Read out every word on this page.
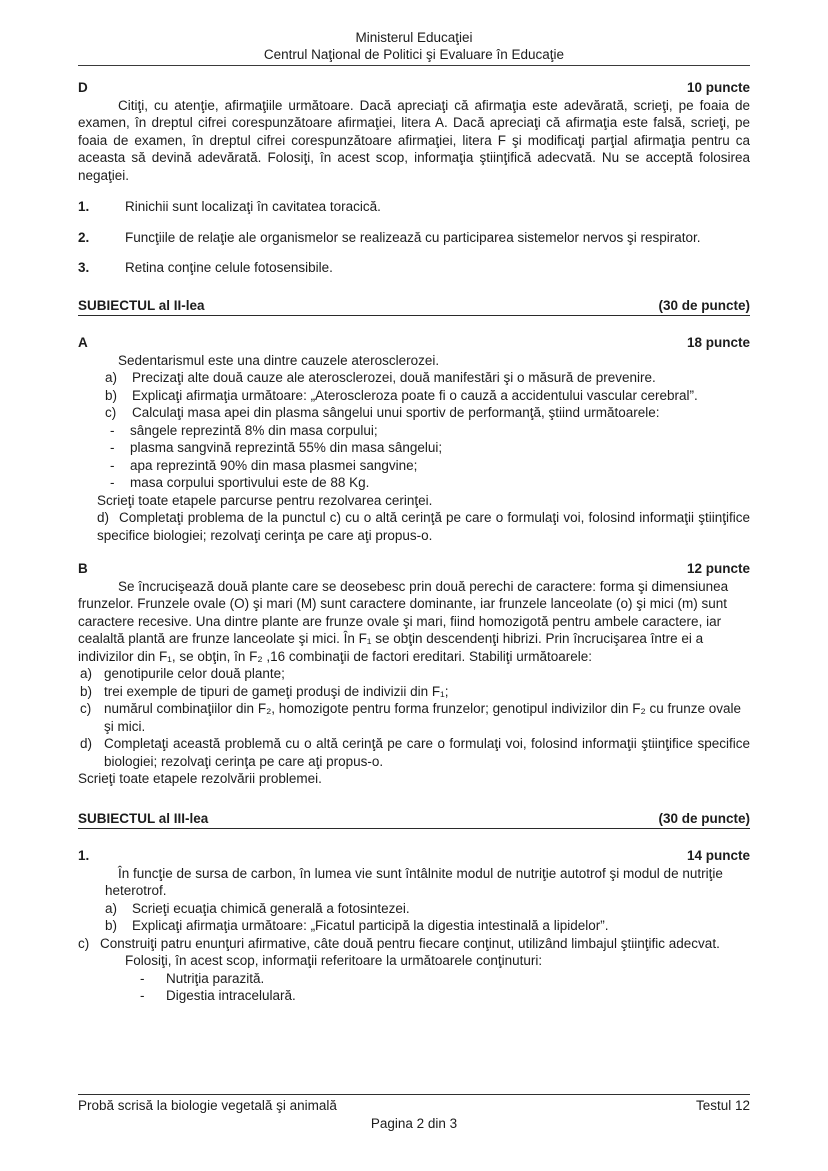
Ministerul Educaţiei
Centrul Naţional de Politici şi Evaluare în Educaţie
D	10 puncte

Citiţi, cu atenţie, afirmaţiile următoare. Dacă apreciaţi că afirmaţia este adevărată, scrieţi, pe foaia de examen, în dreptul cifrei corespunzătoare afirmaţiei, litera A. Dacă apreciaţi că afirmaţia este falsă, scrieţi, pe foaia de examen, în dreptul cifrei corespunzătoare afirmaţiei, litera F şi modificaţi parţial afirmaţia pentru ca aceasta să devină adevărată. Folosiţi, în acest scop, informaţia ştiinţifică adecvată. Nu se acceptă folosirea negaţiei.

1.	Rinichii sunt localizaţi în cavitatea toracică.
2.	Funcţiile de relaţie ale organismelor se realizează cu participarea sistemelor nervos şi respirator.
3.	Retina conţine celule fotosensibile.
SUBIECTUL al II-lea	(30 de puncte)
A	18 puncte

Sedentarismul este una dintre cauzele aterosclerozei.

a)	Precizaţi alte două cauze ale aterosclerozei, două manifestări şi o măsură de prevenire.
b)	Explicaţi afirmaţia următoare: „Ateroscleroza poate fi o cauză a accidentului vascular cerebral”.
c)	Calculaţi masa apei din plasma sângelui unui sportiv de performanţă, ştiind următoarele:
-	sângele reprezintă 8% din masa corpului;
-	plasma sangvină reprezintă 55% din masa sângelui;
-	apa reprezintă 90% din masa plasmei sangvine;
-	masa corpului sportivului este de 88 Kg.

Scrieţi toate etapele parcurse pentru rezolvarea cerinţei.

d) Completaţi problema de la punctul c) cu o altă cerinţă pe care o formulaţi voi, folosind informaţii ştiinţifice specifice biologiei; rezolvaţi cerinţa pe care aţi propus-o.

B	12 puncte

Se încrucişează două plante care se deosebesc prin două perechi de caractere: forma şi dimensiunea frunzelor. Frunzele ovale (O) şi mari (M) sunt caractere dominante, iar frunzele lanceolate (o) şi mici (m) sunt caractere recesive. Una dintre plante are frunze ovale şi mari, fiind homozigotă pentru ambele caractere, iar cealaltă plantă are frunze lanceolate şi mici. În F₁ se obţin descendenţi hibrizi. Prin încrucişarea între ei a indivizilor din F₁, se obţin, în F₂ ,16 combinaţii de factori ereditari. Stabiliţi următoarele:

a) genotipurile celor două plante;
b) trei exemple de tipuri de gameţi produşi de indivizii din F₁;
c) numărul combinaţiilor din F₂, homozigote pentru forma frunzelor; genotipul indivizilor din F₂ cu frunze ovale şi mici.
d) Completaţi această problemă cu o altă cerinţă pe care o formulaţi voi, folosind informaţii ştiinţifice specifice biologiei; rezolvaţi cerinţa pe care aţi propus-o.

Scrieţi toate etapele rezolvării problemei.

SUBIECTUL al III-lea	(30 de puncte)
1.	14 puncte

În funcţie de sursa de carbon, în lumea vie sunt întâlnite modul de nutriţie autotrof şi modul de nutriţie heterotrof.

a)	Scrieţi ecuaţia chimică generală a fotosintezei.
b)	Explicaţi afirmaţia următoare: „Ficatul participă la digestia intestinală a lipidelor”.

c) Construiţi patru enunţuri afirmative, câte două pentru fiecare conţinut, utilizând limbajul ştiinţific adecvat.

Folosiţi, în acest scop, informaţii referitoare la următoarele conţinuturi:

-	Nutriţia parazită.
-	Digestia intracelulară.
Probă scrisă la biologie vegetală şi animală	Testul 12
Pagina 2 din 3
